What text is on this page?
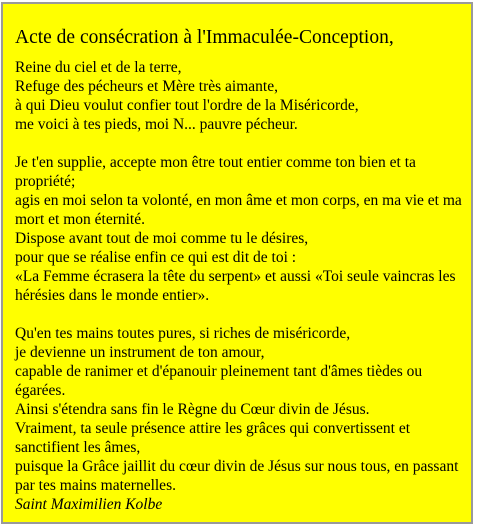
Acte de consécration à l'Immaculée-Conception,
Reine du ciel et de la terre,
Refuge des pécheurs et Mère très aimante,
à qui Dieu voulut confier tout l'ordre de la Miséricorde,
me voici à tes pieds, moi N... pauvre pécheur.
Je t'en supplie, accepte mon être tout entier comme ton bien et ta
propriété;
agis en moi selon ta volonté, en mon âme et mon corps, en ma vie et ma
mort et mon éternité.
Dispose avant tout de moi comme tu le désires,
pour que se réalise enfin ce qui est dit de toi :
«La Femme écrasera la tête du serpent» et aussi «Toi seule vaincras les
hérésies dans le monde entier».
Qu'en tes mains toutes pures, si riches de miséricorde,
je devienne un instrument de ton amour,
capable de ranimer et d'épanouir pleinement tant d'âmes tièdes ou
égarées.
Ainsi s'étendra sans fin le Règne du Cœur divin de Jésus.
Vraiment, ta seule présence attire les grâces qui convertissent et
sanctifient les âmes,
puisque la Grâce jaillit du cœur divin de Jésus sur nous tous, en passant
par tes mains maternelles.
Saint Maximilien Kolbe
